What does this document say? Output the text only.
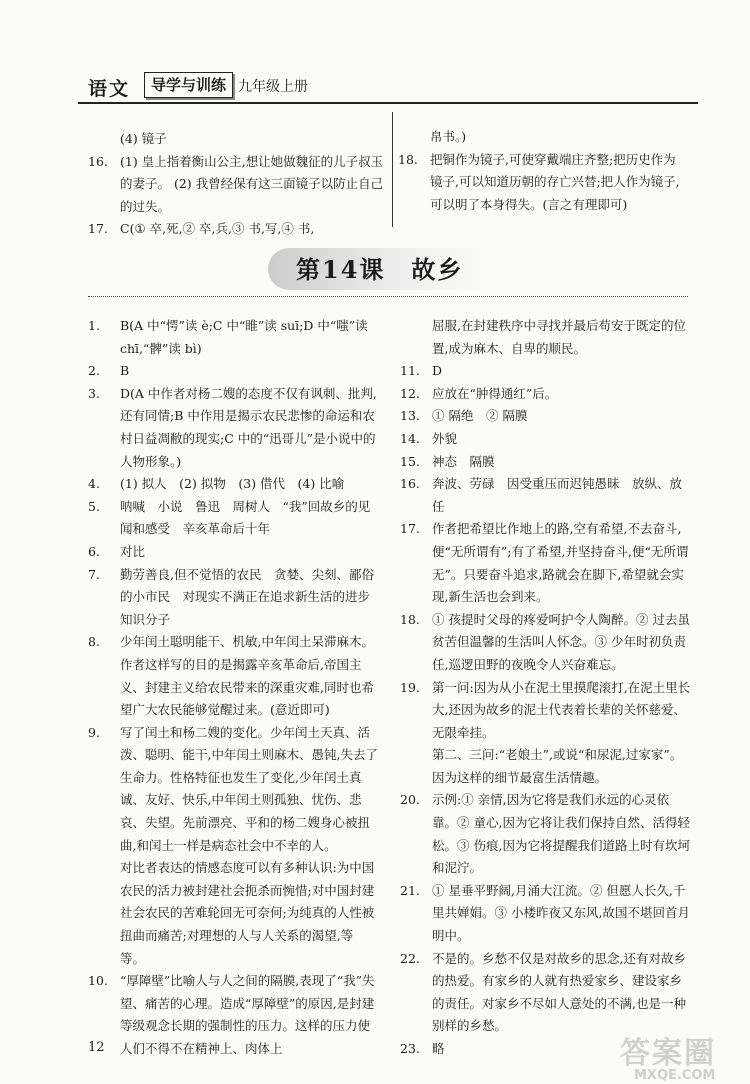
语文	导学与训练 九年级上册
(4) 镜子
16. (1) 皇上指着衡山公主,想让她做魏征的儿子叔玉的妻子。 (2) 我曾经保有这三面镜子以防止自己的过失。
17. C(① 卒,死,② 卒,兵,③ 书,写,④ 书,
帛书。)
18. 把铜作为镜子,可使穿戴端庄齐整;把历史作为镜子,可以知道历朝的存亡兴替;把人作为镜子,可以明了本身得失。(言之有理即可)
第14课　故乡
1.	B(A 中“愕”读 è;C 中“睢”读 suī;D 中“嗤”读 chī,“髀”读 bì)
2.	B
3.	D(A 中作者对杨二嫂的态度不仅有讽刺、批判,还有同情;B 中作用是揭示农民悲惨的命运和农村日益凋敝的现实;C 中的“迅哥儿”是小说中的人物形象。)
4.	(1) 拟人　(2) 拟物　(3) 借代　(4) 比喻
5.	呐喊　小说　鲁迅　周树人　“我”回故乡的见闻和感受　辛亥革命后十年
6.	对比
7.	勤劳善良,但不觉悟的农民　贪婪、尖刻、鄙俗的小市民　对现实不满正在追求新生活的进步知识分子
8.	少年闰土聪明能干、机敏,中年闰土呆滞麻木。作者这样写的目的是揭露辛亥革命后,帝国主义、封建主义给农民带来的深重灾难,同时也希望广大农民能够觉醒过来。(意近即可)
9.	写了闰土和杨二嫂的变化。少年闰土天真、活泼、聪明、能干,中年闰土则麻木、愚钝,失去了生命力。性格特征也发生了变化,少年闰土真诚、友好、快乐,中年闰土则孤独、忧伤、悲哀、失望。先前漂亮、平和的杨二嫂身心被扭曲,和闰土一样是病态社会中不幸的人。
对比者表达的情感态度可以有多种认识:为中国农民的活力被封建社会扼杀而惋惜;对中国封建社会农民的苦难轮回无可奈何;为纯真的人性被扭曲而痛苦;对理想的人与人关系的渴望,等等。
10. “厚障壁”比喻人与人之间的隔膜,表现了“我”失望、痛苦的心理。造成“厚障壁”的原因,是封建等级观念长期的强制性的压力。这样的压力使人们不得不在精神上、肉体上
屈服,在封建秩序中寻找并最后苟安于既定的位置,成为麻木、自卑的顺民。
11. D
12. 应放在“肿得通红”后。
13. ① 隔绝　② 隔膜
14. 外貌
15. 神态　隔膜
16. 奔波、劳碌　因受重压而迟钝愚昧　放纵、放任
17. 作者把希望比作地上的路,空有希望,不去奋斗,便“无所谓有”;有了希望,并坚持奋斗,便“无所谓无”。只要奋斗追求,路就会在脚下,希望就会实现,新生活也会到来。
18. ① 孩提时父母的疼爱呵护令人陶醉。② 过去虽贫苦但温馨的生活叫人怀念。③ 少年时初负责任,巡逻田野的夜晚令人兴奋难忘。
19. 第一问:因为从小在泥土里摸爬滚打,在泥土里长大,还因为故乡的泥土代表着长辈的关怀慈爱、无限牵挂。
第二、三问:“老娘土”,或说“和尿泥,过家家”。因为这样的细节最富生活情趣。
20. 示例:① 亲情,因为它将是我们永远的心灵依靠。② 童心,因为它将让我们保持自然、活得轻松。③ 伤痕,因为它将提醒我们道路上时有坎坷和泥泞。
21. ① 星垂平野阔,月涌大江流。② 但愿人长久,千里共婵娟。③ 小楼昨夜又东风,故国不堪回首月明中。
22. 不是的。乡愁不仅是对故乡的思念,还有对故乡的热爱。有家乡的人就有热爱家乡、建设家乡的责任。对家乡不尽如人意处的不满,也是一种别样的乡愁。
23. 略
12	答案圈
MXQE.COM
